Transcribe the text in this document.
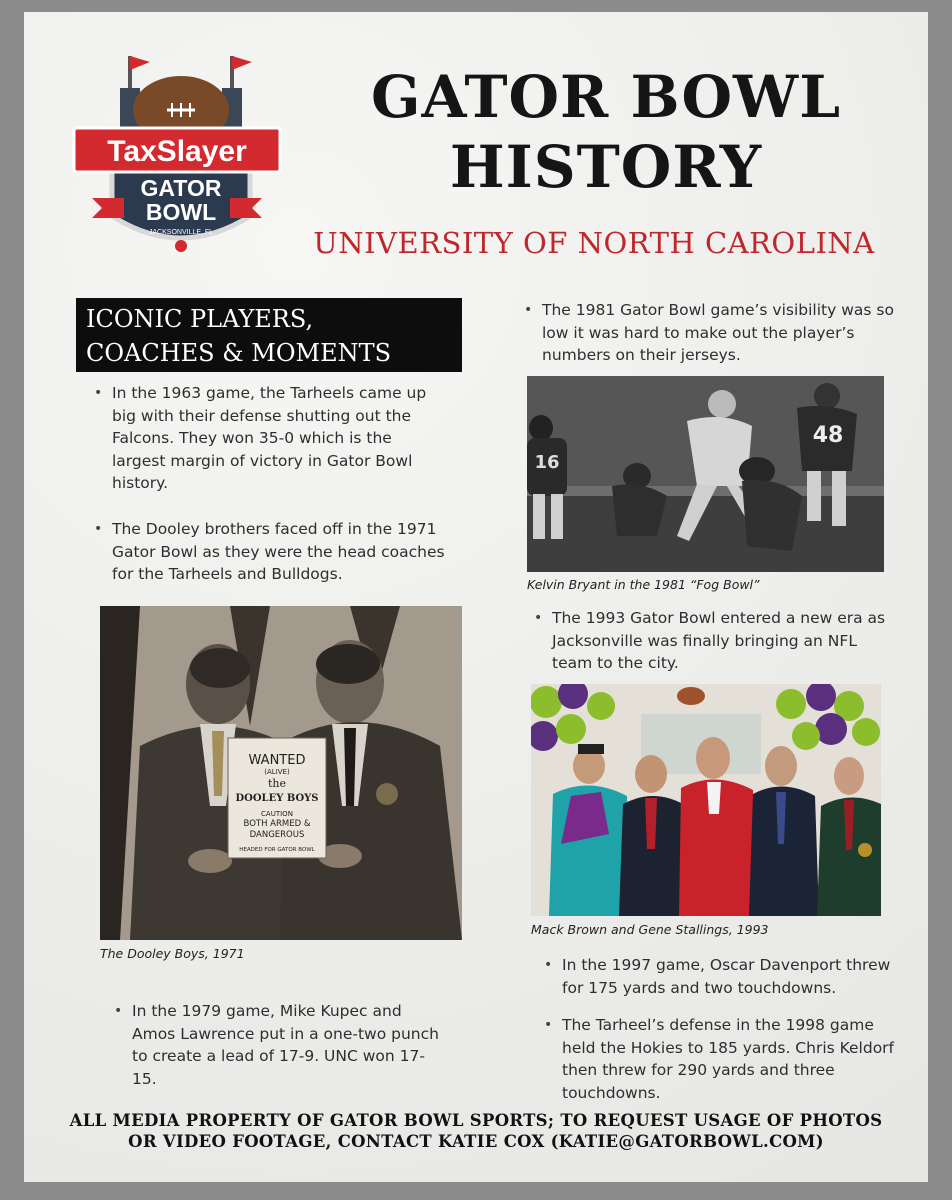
TaxSlayer
GATOR
BOWL
JACKSONVILLE, FL
GATOR BOWL
HISTORY
UNIVERSITY OF NORTH CAROLINA
ICONIC PLAYERS,
COACHES & MOMENTS

• In the 1963 game, the Tarheels came up big with their defense shutting out the Falcons. They won 35-0 which is the largest margin of victory in Gator Bowl history.

• The Dooley brothers faced off in the 1971 Gator Bowl as they were the head coaches for the Tarheels and Bulldogs.

WANTED
(ALIVE)
the
DOOLEY BOYS
CAUTION
BOTH ARMED &
DANGEROUS
HEADED FOR GATOR BOWL
The Dooley Boys, 1971

• In the 1979 game, Mike Kupec and Amos Lawrence put in a one-two punch to create a lead of 17-9. UNC won 17-15.

• The 1981 Gator Bowl game’s visibility was so low it was hard to make out the player’s numbers on their jerseys.

16
48
Kelvin Bryant in the 1981 “Fog Bowl”

• The 1993 Gator Bowl entered a new era as Jacksonville was finally bringing an NFL team to the city.

Mack Brown and Gene Stallings, 1993

• In the 1997 game, Oscar Davenport threw for 175 yards and two touchdowns.

ALL MEDIA PROPERTY OF GATOR BOWL SPORTS; TO REQUEST USAGE OF PHOTOS
OR VIDEO FOOTAGE, CONTACT KATIE COX (KATIE@GATORBOWL.COM)

• The Tarheel’s defense in the 1998 game held the Hokies to 185 yards. Chris Keldorf then threw for 290 yards and three touchdowns.
